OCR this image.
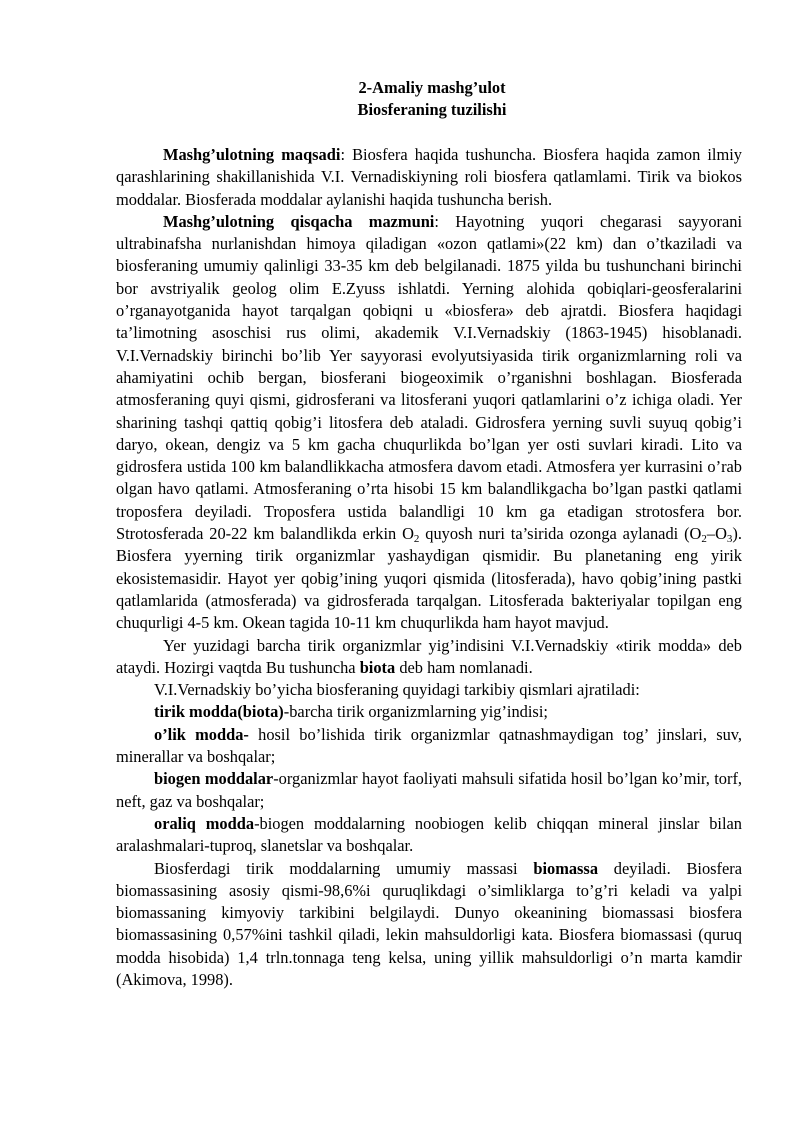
2-Amaliy mashg’ulot
Biosferaning tuzilishi

Mashg’ulotning maqsadi: Biosfera haqida tushuncha. Biosfera haqida zamon ilmiy qarashlarining shakillanishida V.I. Vernadiskiyning roli biosfera qatlamlami. Tirik va biokos moddalar. Biosferada moddalar aylanishi haqida tushuncha berish.

Mashg’ulotning qisqacha mazmuni: Hayotning yuqori chegarasi sayyorani ultrabinafsha nurlanishdan himoya qiladigan «ozon qatlami»(22 km) dan o’tkaziladi va biosferaning umumiy qalinligi 33-35 km deb belgilanadi. 1875 yilda bu tushunchani birinchi bor avstriyalik geolog olim E.Zyuss ishlatdi. Yerning alohida qobiqlari-geosferalarini o’rganayotganida hayot tarqalgan qobiqni u «biosfera» deb ajratdi. Biosfera haqidagi ta’limotning asoschisi rus olimi, akademik V.I.Vernadskiy (1863-1945) hisoblanadi. V.I.Vernadskiy birinchi bo’lib Yer sayyorasi evolyutsiyasida tirik organizmlarning roli va ahamiyatini ochib bergan, biosferani biogeoximik o’rganishni boshlagan. Biosferada atmosferaning quyi qismi, gidrosferani va litosferani yuqori qatlamlarini o’z ichiga oladi. Yer sharining tashqi qattiq qobig’i litosfera deb ataladi. Gidrosfera yerning suvli suyuq qobig’i daryo, okean, dengiz va 5 km gacha chuqurlikda bo’lgan yer osti suvlari kiradi. Lito va gidrosfera ustida 100 km balandlikkacha atmosfera davom etadi. Atmosfera yer kurrasini o’rab olgan havo qatlami. Atmosferaning o’rta hisobi 15 km balandlikgacha bo’lgan pastki qatlami troposfera deyiladi. Troposfera ustida balandligi 10 km ga etadigan strotosfera bor. Strotosferada 20-22 km balandlikda erkin $O_2$ quyosh nuri ta’sirida ozonga aylanadi $(O_2-O_3)$. Biosfera yyerning tirik organizmlar yashaydigan qismidir. Bu planetaning eng yirik ekosistemasidir. Hayot yer qobig’ining yuqori qismida (litosferada), havo qobig’ining pastki qatlamlarida (atmosferada) va gidrosferada tarqalgan. Litosferada bakteriyalar topilgan eng chuqurligi 4-5 km. Okean tagida 10-11 km chuqurlikda ham hayot mavjud.

Yer yuzidagi barcha tirik organizmlar yig’indisini V.I.Vernadskiy «tirik modda» deb ataydi. Hozirgi vaqtda Bu tushuncha biota deb ham nomlanadi.

V.I.Vernadskiy bo’yicha biosferaning quyidagi tarkibiy qismlari ajratiladi:

tirik modda(biota)-barcha tirik organizmlarning yig’indisi;

o’lik modda- hosil bo’lishida tirik organizmlar qatnashmaydigan tog’ jinslari, suv, minerallar va boshqalar;

biogen moddalar-organizmlar hayot faoliyati mahsuli sifatida hosil bo’lgan ko’mir, torf, neft, gaz va boshqalar;

oraliq modda-biogen moddalarning noobiogen kelib chiqqan mineral jinslar bilan aralashmalari-tuproq, slanetslar va boshqalar.

Biosferdagi tirik moddalarning umumiy massasi biomassa deyiladi. Biosfera biomassasining asosiy qismi-98,6%i quruqlikdagi o’simliklarga to’g’ri keladi va yalpi biomassaning kimyoviy tarkibini belgilaydi. Dunyo okeanining biomassasi biosfera biomassasining 0,57%ini tashkil qiladi, lekin mahsuldorligi kata. Biosfera biomassasi (quruq modda hisobida) 1,4 trln.tonnaga teng kelsa, uning yillik mahsuldorligi o’n marta kamdir (Akimova, 1998).
